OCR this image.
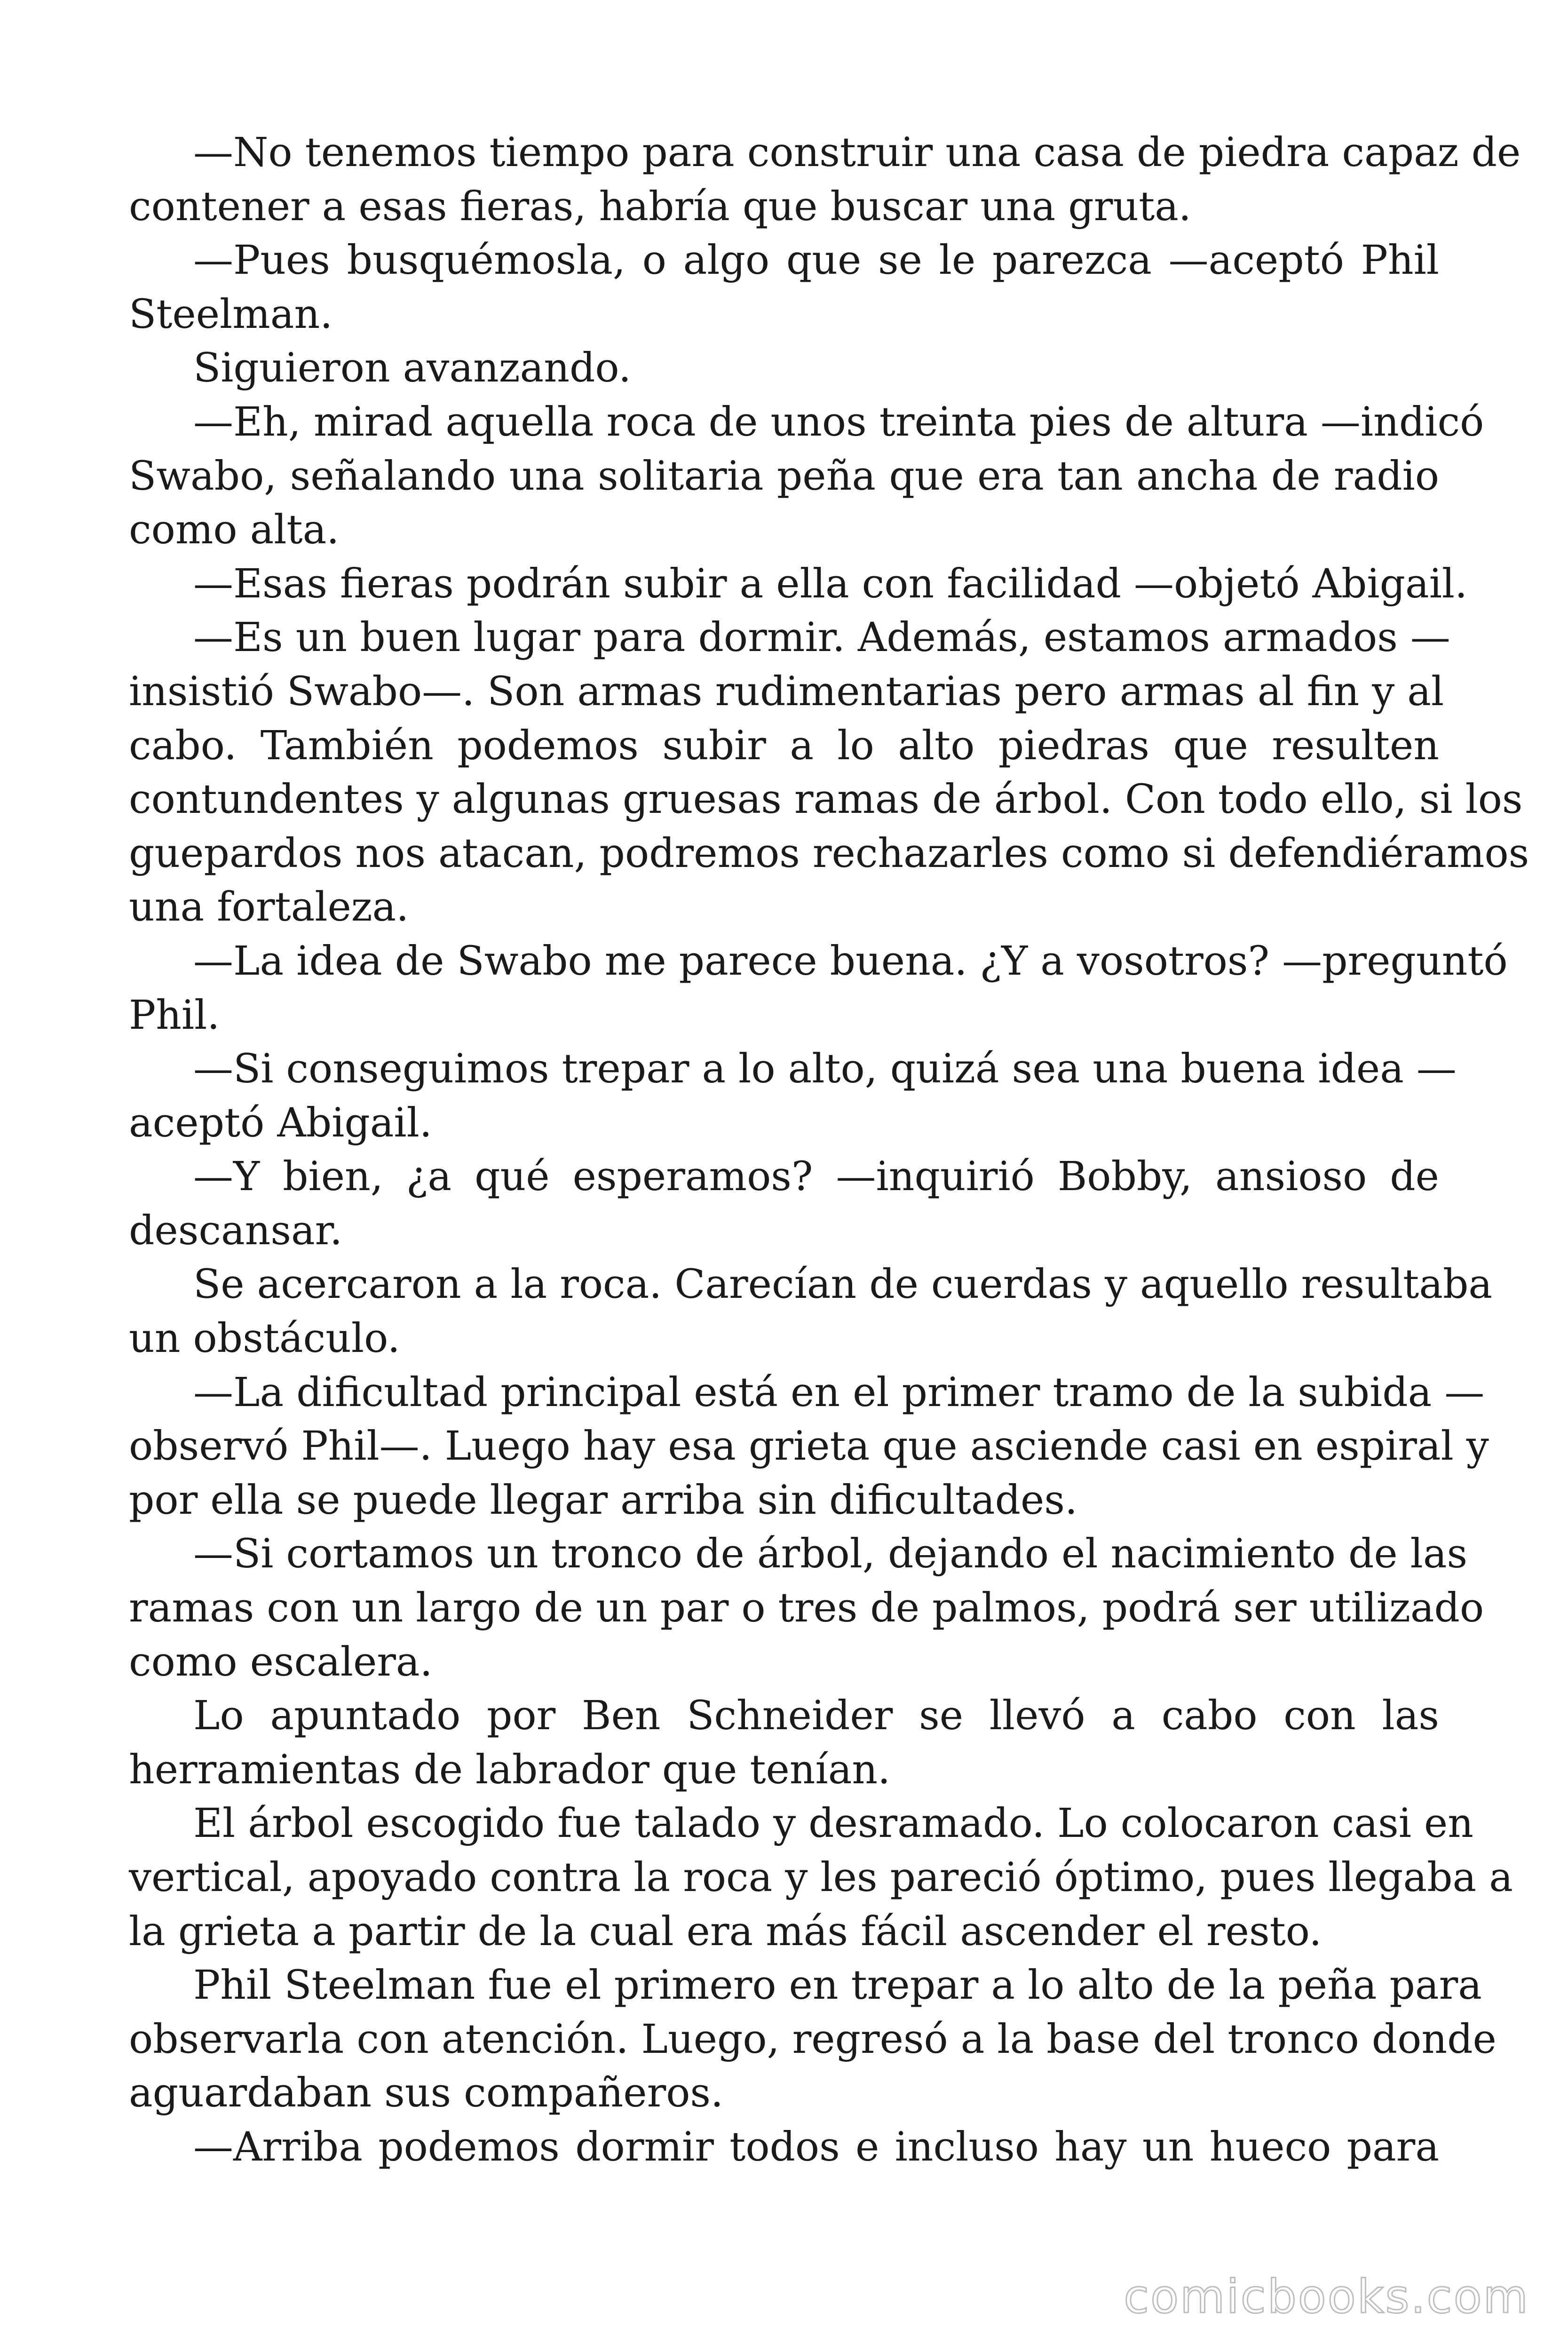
—No tenemos tiempo para construir una casa de piedra capaz de
contener a esas fieras, habría que buscar una gruta.
—Pues busquémosla, o algo que se le parezca —aceptó Phil
Steelman.
Siguieron avanzando.
—Eh, mirad aquella roca de unos treinta pies de altura —indicó
Swabo, señalando una solitaria peña que era tan ancha de radio
como alta.
—Esas fieras podrán subir a ella con facilidad —objetó Abigail.
—Es un buen lugar para dormir. Además, estamos armados —
insistió Swabo—. Son armas rudimentarias pero armas al fin y al
cabo. También podemos subir a lo alto piedras que resulten
contundentes y algunas gruesas ramas de árbol. Con todo ello, si los
guepardos nos atacan, podremos rechazarles como si defendiéramos
una fortaleza.
—La idea de Swabo me parece buena. ¿Y a vosotros? —preguntó
Phil.
—Si conseguimos trepar a lo alto, quizá sea una buena idea —
aceptó Abigail.
—Y bien, ¿a qué esperamos? —inquirió Bobby, ansioso de
descansar.
Se acercaron a la roca. Carecían de cuerdas y aquello resultaba
un obstáculo.
—La dificultad principal está en el primer tramo de la subida —
observó Phil—. Luego hay esa grieta que asciende casi en espiral y
por ella se puede llegar arriba sin dificultades.
—Si cortamos un tronco de árbol, dejando el nacimiento de las
ramas con un largo de un par o tres de palmos, podrá ser utilizado
como escalera.
Lo apuntado por Ben Schneider se llevó a cabo con las
herramientas de labrador que tenían.
El árbol escogido fue talado y desramado. Lo colocaron casi en
vertical, apoyado contra la roca y les pareció óptimo, pues llegaba a
la grieta a partir de la cual era más fácil ascender el resto.
Phil Steelman fue el primero en trepar a lo alto de la peña para
observarla con atención. Luego, regresó a la base del tronco donde
aguardaban sus compañeros.
—Arriba podemos dormir todos e incluso hay un hueco para
comicbooks.com
